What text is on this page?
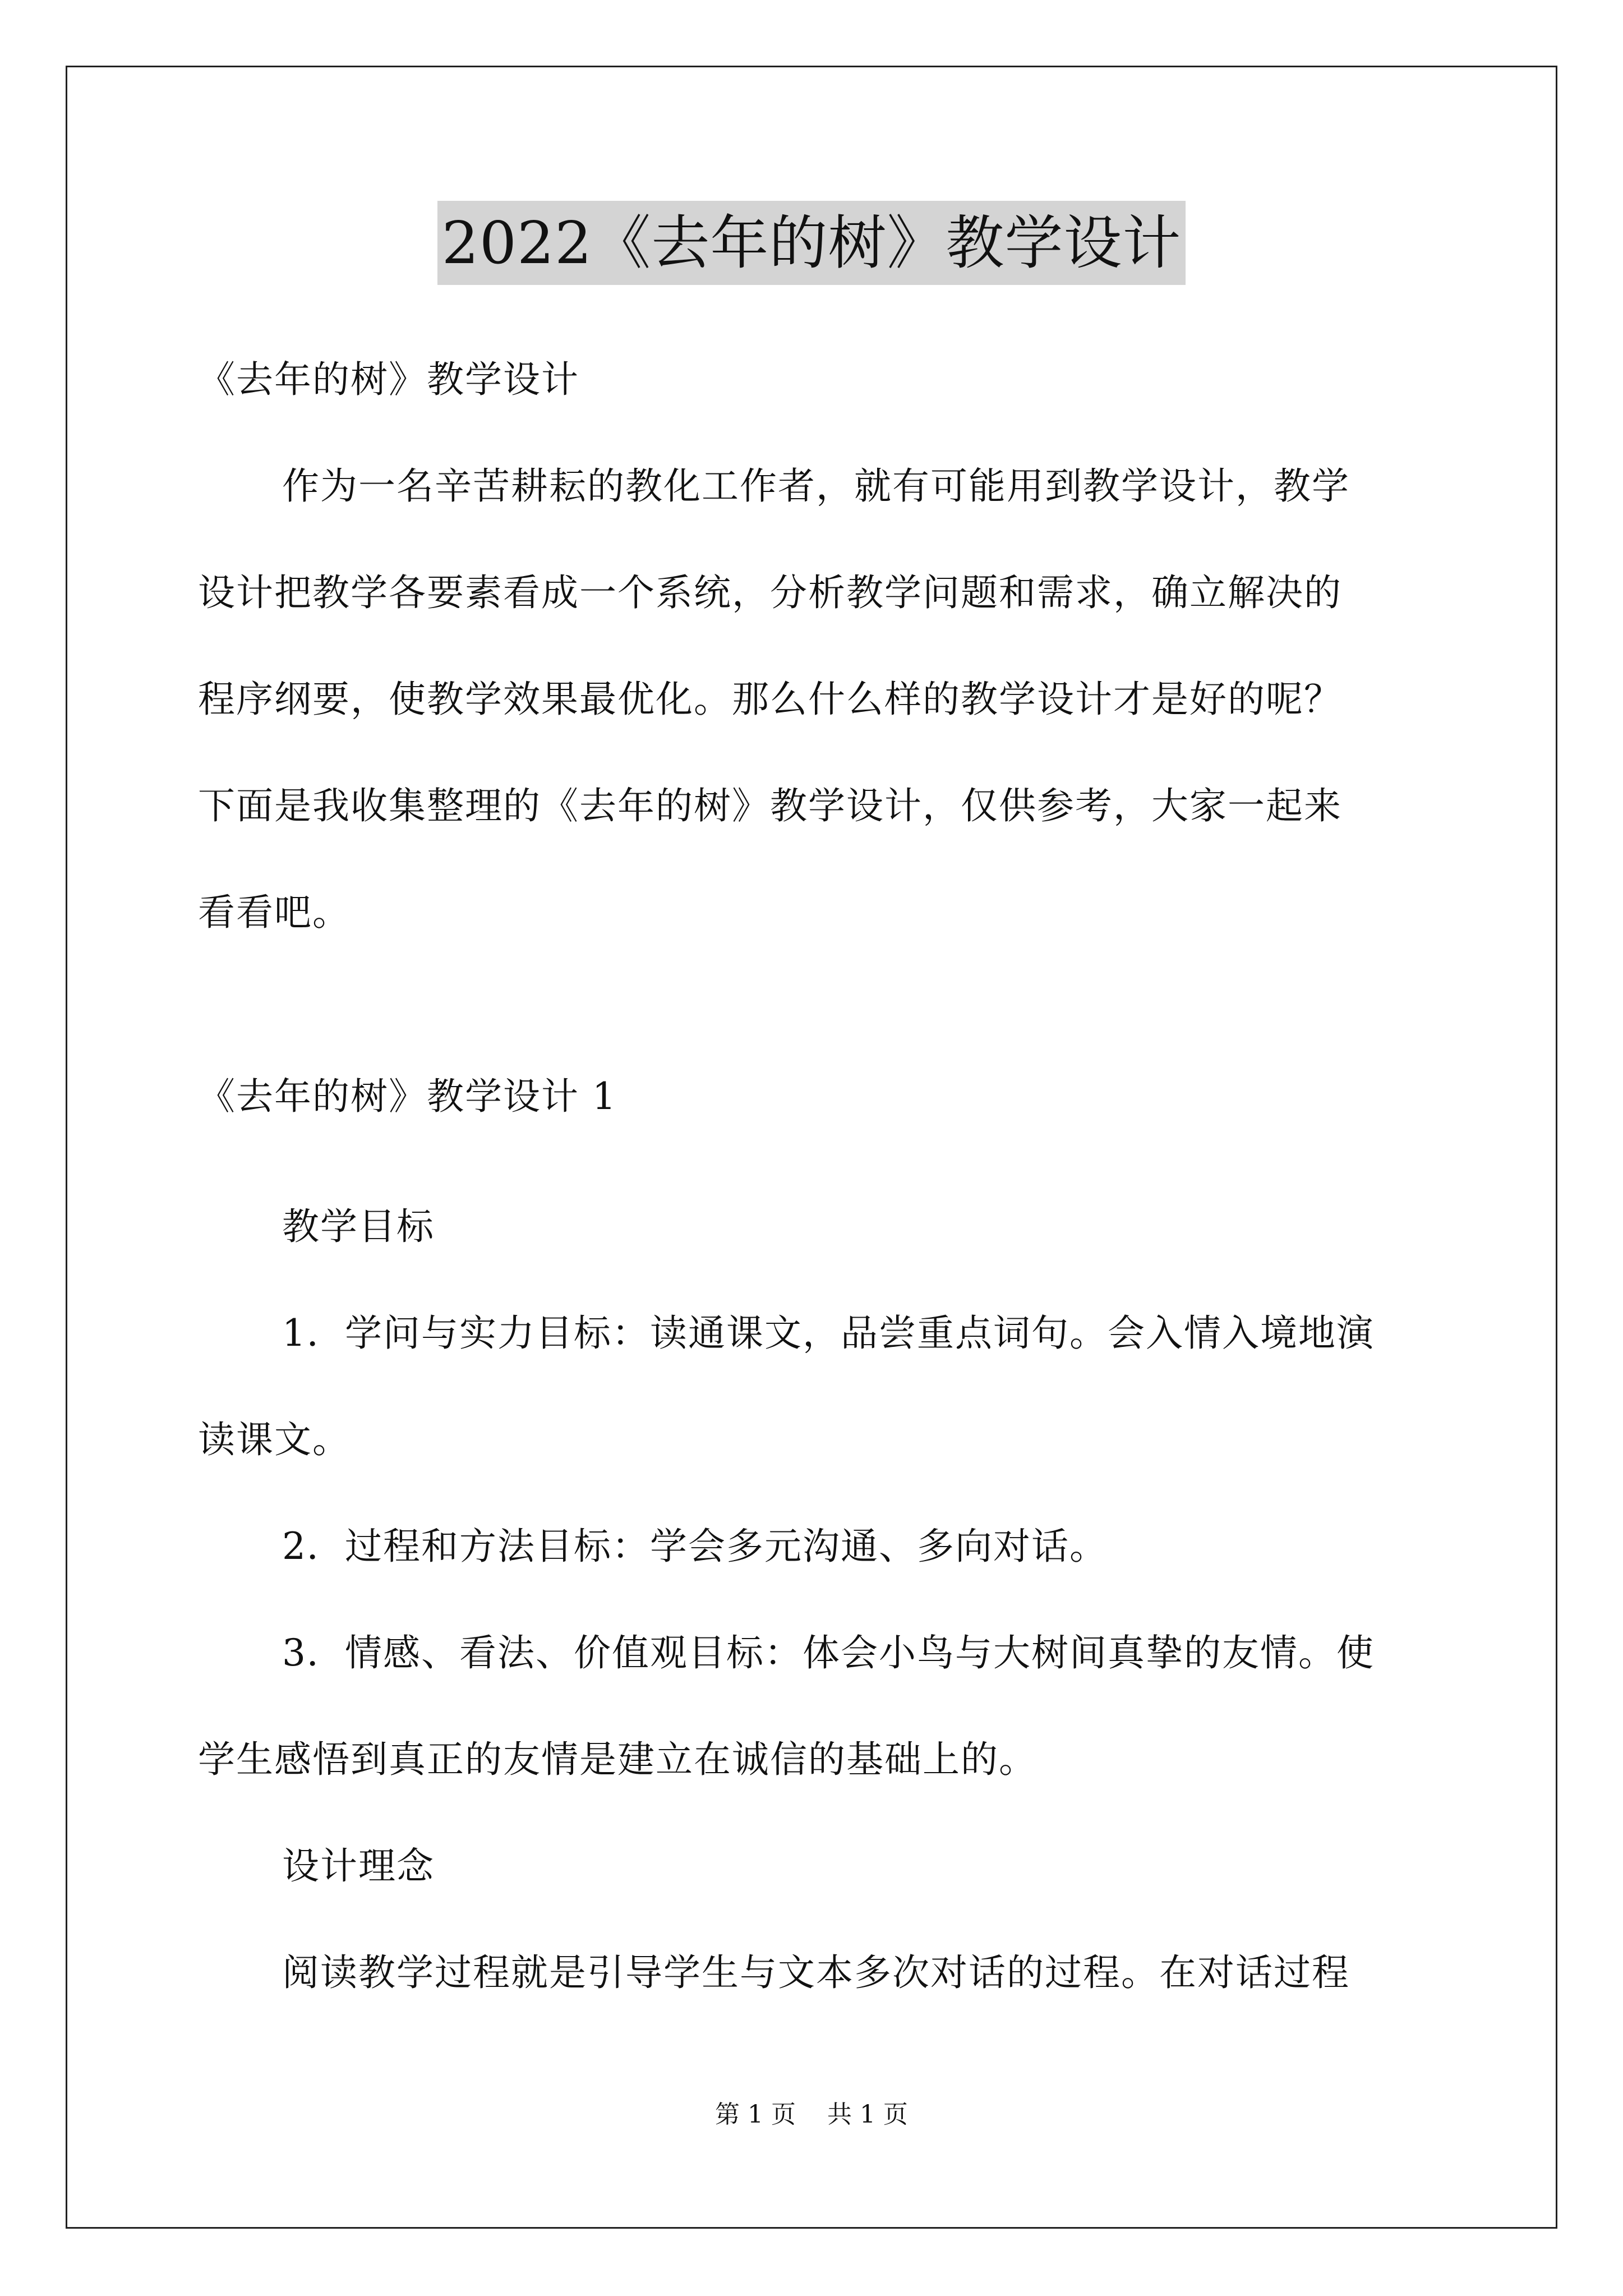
2022《去年的树》教学设计
《去年的树》教学设计
作为一名辛苦耕耘的教化工作者，就有可能用到教学设计，教学
设计把教学各要素看成一个系统，分析教学问题和需求，确立解决的
程序纲要，使教学效果最优化。那么什么样的教学设计才是好的呢？
下面是我收集整理的《去年的树》教学设计，仅供参考，大家一起来
看看吧。
《去年的树》教学设计 1
教学目标
1．学问与实力目标：读通课文，品尝重点词句。会入情入境地演
读课文。
2．过程和方法目标：学会多元沟通、多向对话。
3．情感、看法、价值观目标：体会小鸟与大树间真挚的友情。使
学生感悟到真正的友情是建立在诚信的基础上的。
设计理念
阅读教学过程就是引导学生与文本多次对话的过程。在对话过程
第 1 页    共 1 页
